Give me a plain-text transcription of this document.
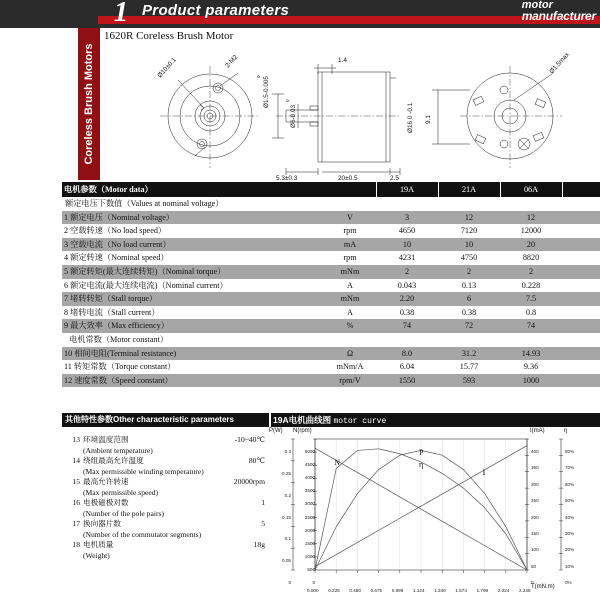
1 Product parameters	motor
manufacturer
Coreless Brush Motors
1620R Coreless Brush Motor
Ø10±0.1	2-M2
Ø1.5-0.005
0
Ø6-0.03
0
1.4
Ø16 0 -0.1 9.1
Ø1.5max
5.3±0.3	20±0.5	2.5
电机参数（Motor data）		19A	21A	06A	
额定电压下数值（Values at nominal voltage）					
1 额定电压（Nominal voltage）	V	3	12	12	
2 空载转速（No load speed）	rpm	4650	7120	12000	
3 空载电流（No load current）	mA	10	10	20	
4 额定转速（Nominal speed）	rpm	4231	4750	8820	
5 额定转矩(最大连续转矩)（Nominal torque）	mNm	2	2	2	
6 额定电流(最大连续电流)（Nominal current）	A	0.043	0.13	0.228	
7 堵转转矩（Stall torque）	mNm	2.20	6	7.5	
8 堵转电流（Stall current）	A	0.38	0.38	0.8	
9 最大效率（Max efficiency）	%	74	72	74	
电机常数（Motor constant）					
10 相间电阻(Terminal resistance)	Ω	8.0	31.2	14.93	
11 转矩常数（Torque constant）	mNm/A	6.04	15.77	9.36	
12 速度常数（Speed constant）	rpm/V	1550	593	1000	
其他特性参数Other characteristic parameters
13 环境温度范围
(Ambient temperature)
-10~40℃
14 绕组最高允许温度
(Max permissible winding temperature)
80℃
15 最高允许转速
(Max permissible speed)
20000rpm
16 电极磁极对数
(Number of the pole pairs)
1
17 换向器片数
(Number of the commutator segments)
5
18 电机质量
(Weight)
18g
19A电机曲线图 motor curve
0.000 0.225 0.450 0.675 0.899 1.124 1.349 1.574 1.799 2.024 2.248
0.3
0.25
0.2
0.15
0.1
0.05
0
P(W)
5000
4500
4000
3500
3000
2500
2000
1500
1000
500
0
N(rpm)
400
350
300
250
200
150
100
50
0
I(mA)
80%
70%
60%
50%
40%
30%
20%
10%
0%
η
N
I
P
η
T(mN.m)
